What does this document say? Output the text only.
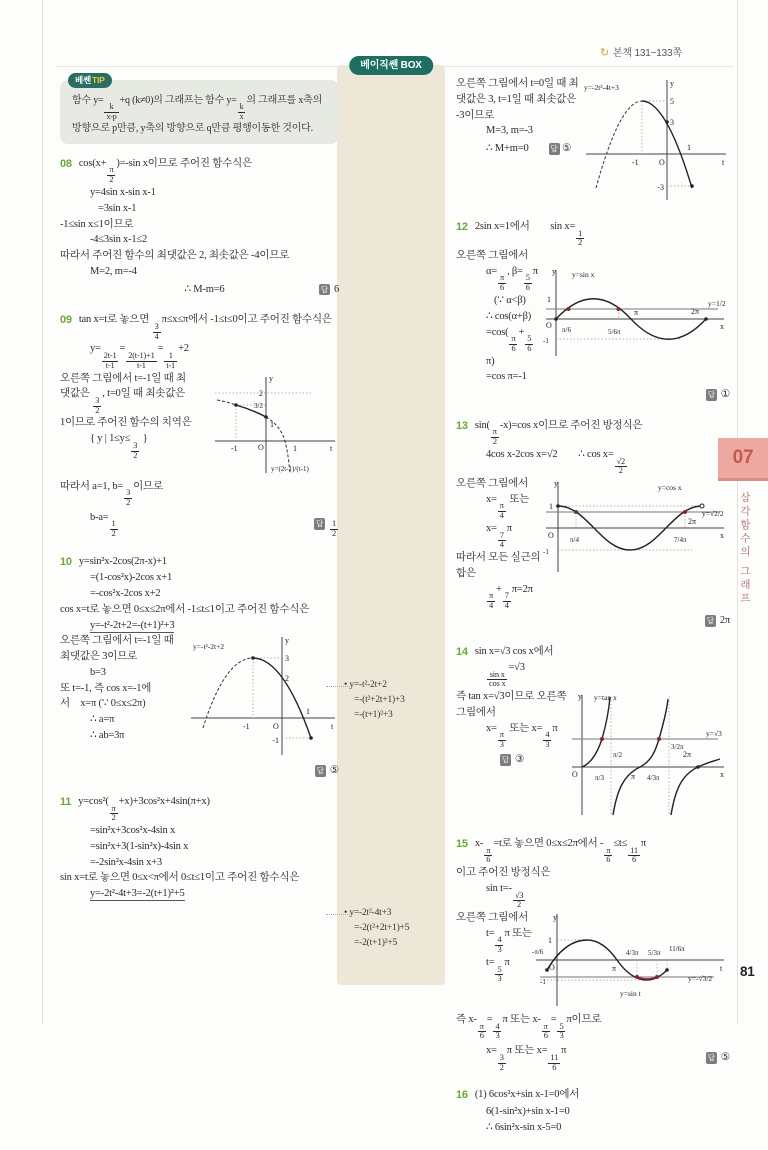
↻ 본책 131~133쪽
베이직쎈 BOX
• y=-t²-2t+2
=-(t²+2t+1)+3
=-(t+1)²+3
• y=-2t²-4t+3
=-2(t²+2t+1)+5
=-2(t+1)²+5
베쎈TIP
함수 y=
$\frac{k}{x-p}$
+q (k≠0)의 그래프는 함수 y=
$\frac{k}{x}$
의 그래프를 x축의 방향으로 p만큼, y축의 방향으로 q만큼 평행이동한 것이다.
08 cos(x+
$\frac{\pi}{2}$
)=-sin x이므로 주어진 함수식은
y=4sin x-sin x-1
=3sin x-1
-1≤sin x≤1이므로
-4≤3sin x-1≤2
따라서 주어진 함수의 최댓값은 2, 최솟값은 -4이므로
M=2, m=-4
∴ M-m=6	답 6
09 tan x=t로 놓으면
$\frac{3}{4}$
π≤x≤π에서 -1≤t≤0이고 주어진 함수식은
y=
$\frac{2t-1}{t-1}$
=
$\frac{2(t-1)+1}{t-1}$
=
$\frac{1}{t-1}$
+2
오른쪽 그림에서 t=-1일 때 최
댓값은
$\frac{3}{2}$
, t=0일 때 최솟값은
1이므로 주어진 함수의 치역은
{ y | 1≤y≤
$\frac{3}{2}$
}
y
2
3/2
1
-1	O	1	t
y=(2t-1)/(t-1)
따라서 a=1, b=
$\frac{3}{2}$
이므로
b-a=
$\frac{1}{2}$	답 $\frac{1}{2}$
10 y=sin²x-2cos(2π-x)+1
=(1-cos²x)-2cos x+1
=-cos²x-2cos x+2
cos x=t로 놓으면 0≤x≤2π에서 -1≤t≤1이고 주어진 함수식은
y=-t²-2t+2=-(t+1)²+3
오른쪽 그림에서 t=-1일 때
최댓값은 3이므로
b=3
또 t=-1, 즉 cos x=-1에
서 x=π (∵ 0≤x≤2π)
∴ a=π
∴ ab=3π
y=-t²-2t+2
y
3
2
-1	O
1
t
-1
답 ⑤
11 y=cos²(
$\frac{\pi}{2}$
+x)+3cos²x+4sin(π+x)
=sin²x+3cos²x-4sin x
=sin²x+3(1-sin²x)-4sin x
=-2sin²x-4sin x+3
sin x=t로 놓으면 0≤x<π에서 0≤t≤1이고 주어진 함수식은
y=-2t²-4t+3=-2(t+1)²+5
오른쪽 그림에서 t=0일 때 최
댓값은 3, t=1일 때 최솟값은
-3이므로
M=3, m=-3
∴ M+m=0	답 ⑤
y=-2t²-4t+3	y
5
3
1
-1	O
-3
t
12 2sin x=1에서  sin x=
$\frac{1}{2}$
오른쪽 그림에서
α=
$\frac{\pi}{6}$
, β=
$\frac{5}{6}$
π
(∵ α<β)
∴ cos(α+β)
=cos(
$\frac{\pi}{6}$
+
$\frac{5}{6}$
π)
=cos π=-1
y
1
-1
y=sin x
y=1/2
O π/6	5/6π
π	2π
x
답 ①
13 sin(
$\frac{\pi}{2}$
-x)=cos x이므로 주어진 방정식은
4cos x-2cos x=√2  ∴ cos x=
$\frac{√2}{2}$
오른쪽 그림에서
x=
$\frac{\pi}{4}$
또는 x=
$\frac{7}{4}$
π
따라서 모든 실근의 합은
$\frac{\pi}{4}$
+
$\frac{7}{4}$
π=2π
y
1
-1
y=cos x
y=√2/2
2π
O π/4	7/4π	x
답 2π
14 sin x=√3 cos x에서
$\frac{\text{sin x}}{\text{cos x}}$
=√3
즉 tan x=√3이므로 오른쪽
그림에서
x=
$\frac{\pi}{3}$
또는 x=
$\frac{4}{3}$
π
답 ③
y y=tan x
y=√3
O π/3
π/2
π 4/3π
3/2π
2π
x
15 x-
$\frac{\pi}{6}$
=t로 놓으면 0≤x≤2π에서 -
$\frac{\pi}{6}$
≤t≤
$\frac{11}{6}$
π
이고 주어진 방정식은
sin t=-
$\frac{√3}{2}$
오른쪽 그림에서
t=
$\frac{4}{3}$
π 또는
t=
$\frac{5}{3}$
π
y
1
-1
-π/6
O	π
4/3π 5/3π 11/6π
y=-√3/2
y=sin t
t
즉 x-
$\frac{\pi}{6}$
=
$\frac{4}{3}$
π 또는 x-
$\frac{\pi}{6}$
=
$\frac{5}{3}$
π이므로
x=
$\frac{3}{2}$
π 또는 x=
$\frac{11}{6}$
π
답 ⑤
16 (1) 6cos²x+sin x-1=0에서
6(1-sin²x)+sin x-1=0
∴ 6sin²x-sin x-5=0
07
삼각함수의 그래프
81
